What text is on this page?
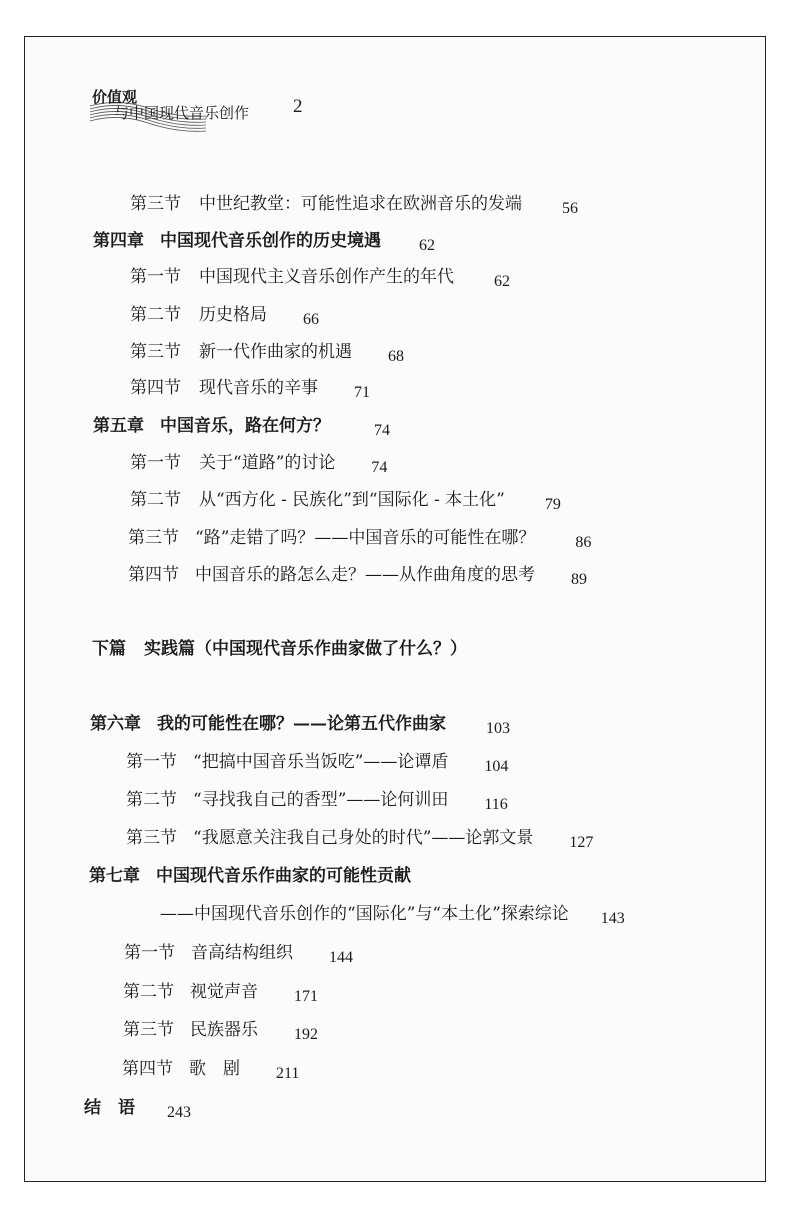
价值观
与中国现代音乐创作 2
第三节 中世纪教堂：可能性追求在欧洲音乐的发端	56
第四章 中国现代音乐创作的历史境遇 62
第一节 中国现代主义音乐创作产生的年代	62
第二节 历史格局 66
第三节 新一代作曲家的机遇 68
第四节 现代音乐的辛事 71
第五章 中国音乐，路在何方？	74
第一节 关于“道路”的讨论 74
第二节 从“西方化 - 民族化”到“国际化 - 本土化”	79
第三节 “路”走错了吗？——中国音乐的可能性在哪？	86
第四节 中国音乐的路怎么走？——从作曲角度的思考 89
下篇 实践篇（中国现代音乐作曲家做了什么？）
第六章 我的可能性在哪？——论第五代作曲家	103
第一节 “把搞中国音乐当饭吃”——论谭盾 104
第二节 “寻找我自己的香型”——论何训田 116
第三节 “我愿意关注我自己身处的时代”——论郭文景 127
第七章 中国现代音乐作曲家的可能性贡献
——中国现代音乐创作的“国际化”与“本土化”探索综论 143
第一节 音高结构组织 144
第二节 视觉声音 171
第三节 民族器乐 192
第四节 歌　剧 211
结　语 243
